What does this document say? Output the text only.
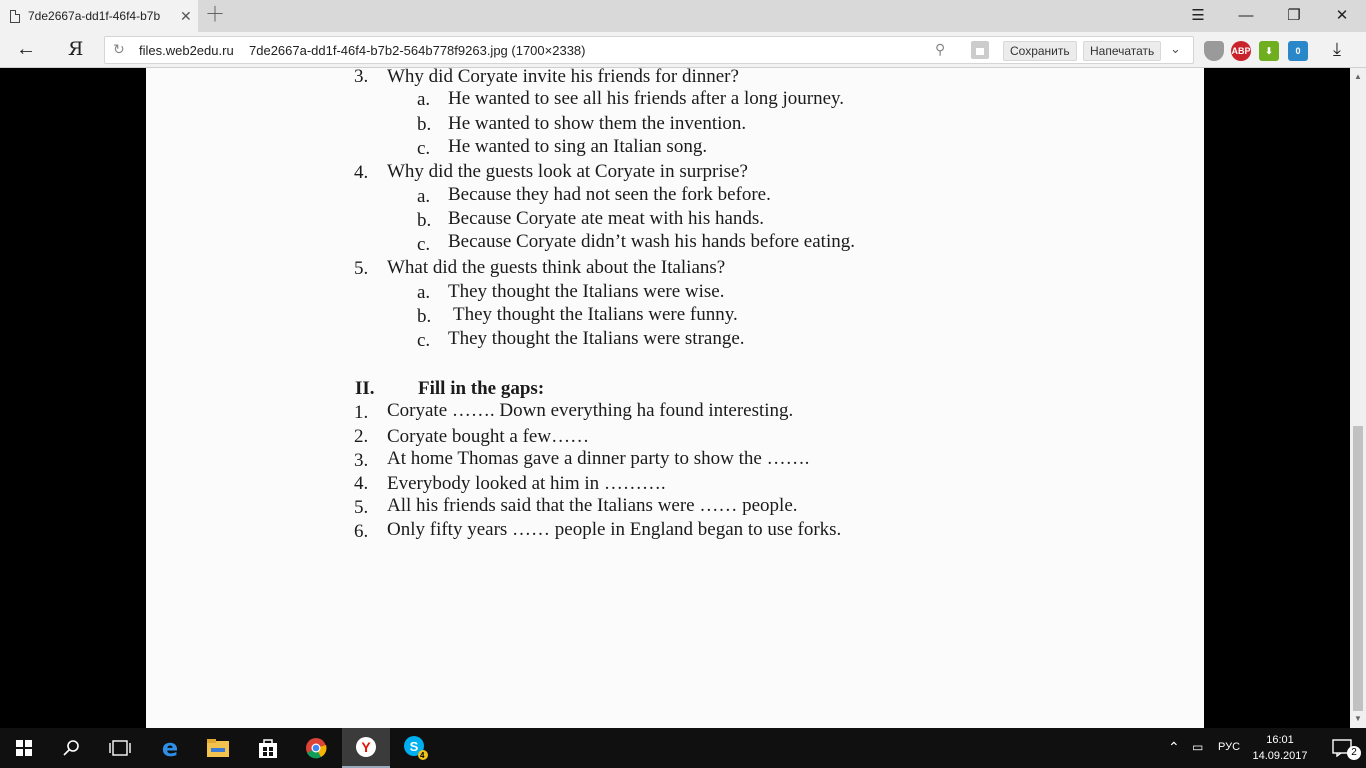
7de2667a-dd1f-46f4-b7b	✕ ＋	☰	—	❐	✕
← Я ↻ files.web2edu.ru 7de2667a-dd1f-46f4-b7b2-564b778f9263.jpg (1700×2338)	⚲	Сохранить	Напечатать	⌄	ABP	⬇	0	⤓
3. Why did Coryate invite his friends for dinner?
a. He wanted to see all his friends after a long journey.
b. He wanted to show them the invention.
c. He wanted to sing an Italian song.
4. Why did the guests look at Coryate in surprise?
a. Because they had not seen the fork before.
b. Because Coryate ate meat with his hands.
c. Because Coryate didn’t wash his hands before eating.
5. What did the guests think about the Italians?
a. They thought the Italians were wise.
b. They thought the Italians were funny.
c. They thought the Italians were strange.
II. Fill in the gaps:
1. Coryate ……. Down everything ha found interesting.
2. Coryate bought a few……
3. At home Thomas gave a dinner party to show the …….
4. Everybody looked at him in ……….
5. All his friends said that the Italians were …… people.
6. Only fifty years …… people in England began to use forks.
▲
▼
e	Y	S
4
⌃ ▭ РУС
16:01
14.09.2017	2
